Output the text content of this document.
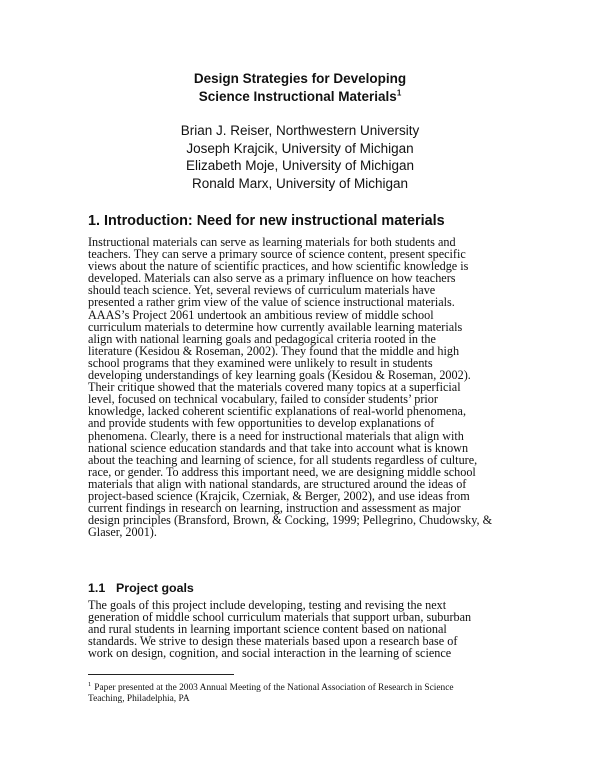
Design Strategies for Developing
Science Instructional Materials$^1$
Brian J. Reiser, Northwestern University
Joseph Krajcik, University of Michigan
Elizabeth Moje, University of Michigan
Ronald Marx, University of Michigan
1. Introduction: Need for new instructional materials
Instructional materials can serve as learning materials for both students and
teachers. They can serve a primary source of science content, present specific
views about the nature of scientific practices, and how scientific knowledge is
developed. Materials can also serve as a primary influence on how teachers
should teach science. Yet, several reviews of curriculum materials have
presented a rather grim view of the value of science instructional materials.
AAAS’s Project 2061 undertook an ambitious review of middle school
curriculum materials to determine how currently available learning materials
align with national learning goals and pedagogical criteria rooted in the
literature (Kesidou & Roseman, 2002). They found that the middle and high
school programs that they examined were unlikely to result in students
developing understandings of key learning goals (Kesidou & Roseman, 2002).
Their critique showed that the materials covered many topics at a superficial
level, focused on technical vocabulary, failed to consider students’ prior
knowledge, lacked coherent scientific explanations of real-world phenomena,
and provide students with few opportunities to develop explanations of
phenomena. Clearly, there is a need for instructional materials that align with
national science education standards and that take into account what is known
about the teaching and learning of science, for all students regardless of culture,
race, or gender. To address this important need, we are designing middle school
materials that align with national standards, are structured around the ideas of
project-based science (Krajcik, Czerniak, & Berger, 2002), and use ideas from
current findings in research on learning, instruction and assessment as major
design principles (Bransford, Brown, & Cocking, 1999; Pellegrino, Chudowsky, &
Glaser, 2001).
1.1 Project goals
The goals of this project include developing, testing and revising the next
generation of middle school curriculum materials that support urban, suburban
and rural students in learning important science content based on national
standards. We strive to design these materials based upon a research base of
work on design, cognition, and social interaction in the learning of science
$^1$ Paper presented at the 2003 Annual Meeting of the National Association of Research in Science
Teaching, Philadelphia, PA
